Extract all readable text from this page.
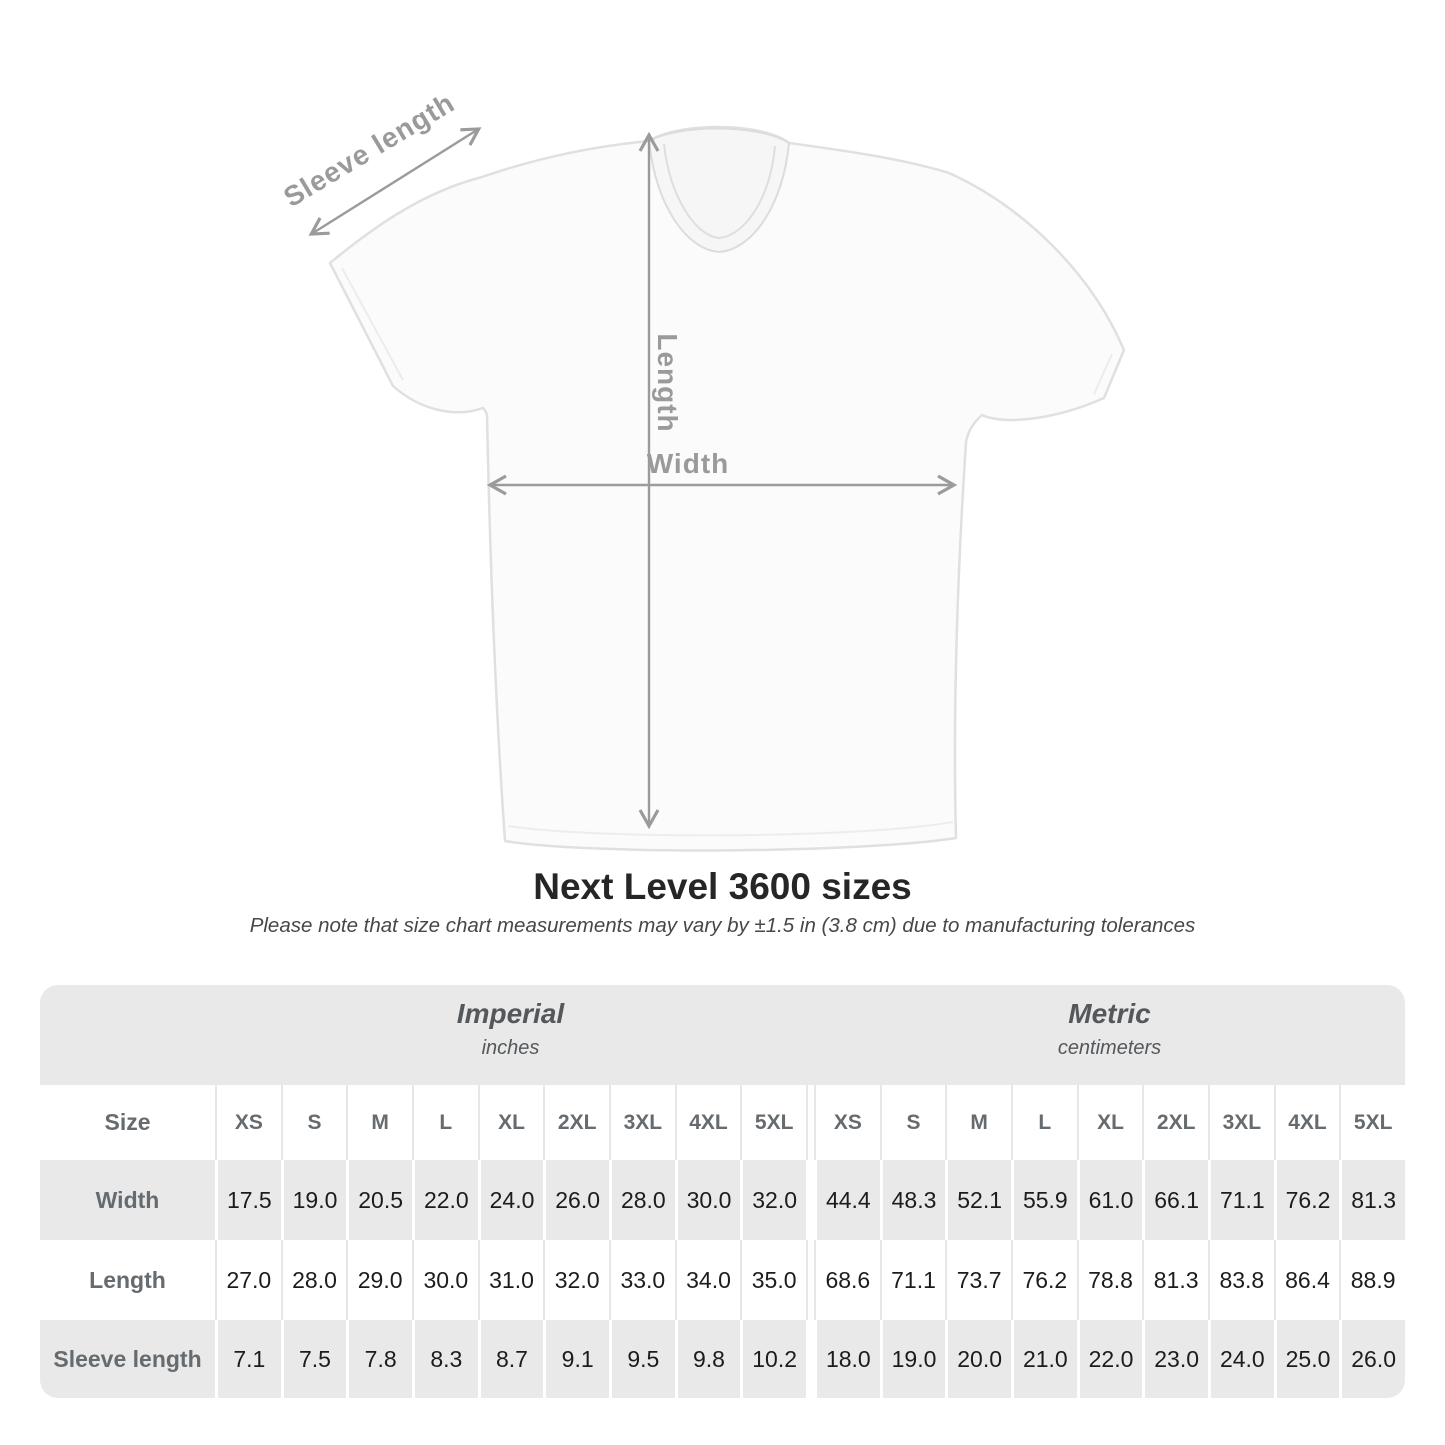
Sleeve length
Length
Width
Next Level 3600 sizes
Please note that size chart measurements may vary by ±1.5 in (3.8 cm) due to manufacturing tolerances
Imperial
inches
Metric
centimeters
Size	XS	S	M	L	XL	2XL	3XL	4XL	5XL	XS	S	M	L	XL	2XL	3XL	4XL	5XL
Width	17.5 19.0 20.5 22.0 24.0 26.0 28.0 30.0 32.0	44.4 48.3 52.1 55.9 61.0 66.1 71.1 76.2 81.3
Length	27.0 28.0 29.0 30.0 31.0 32.0 33.0 34.0 35.0	68.6 71.1 73.7 76.2 78.8 81.3 83.8 86.4 88.9
Sleeve length	7.1	7.5	7.8	8.3	8.7	9.1	9.5	9.8	10.2	18.0 19.0 20.0 21.0 22.0 23.0 24.0 25.0 26.0
